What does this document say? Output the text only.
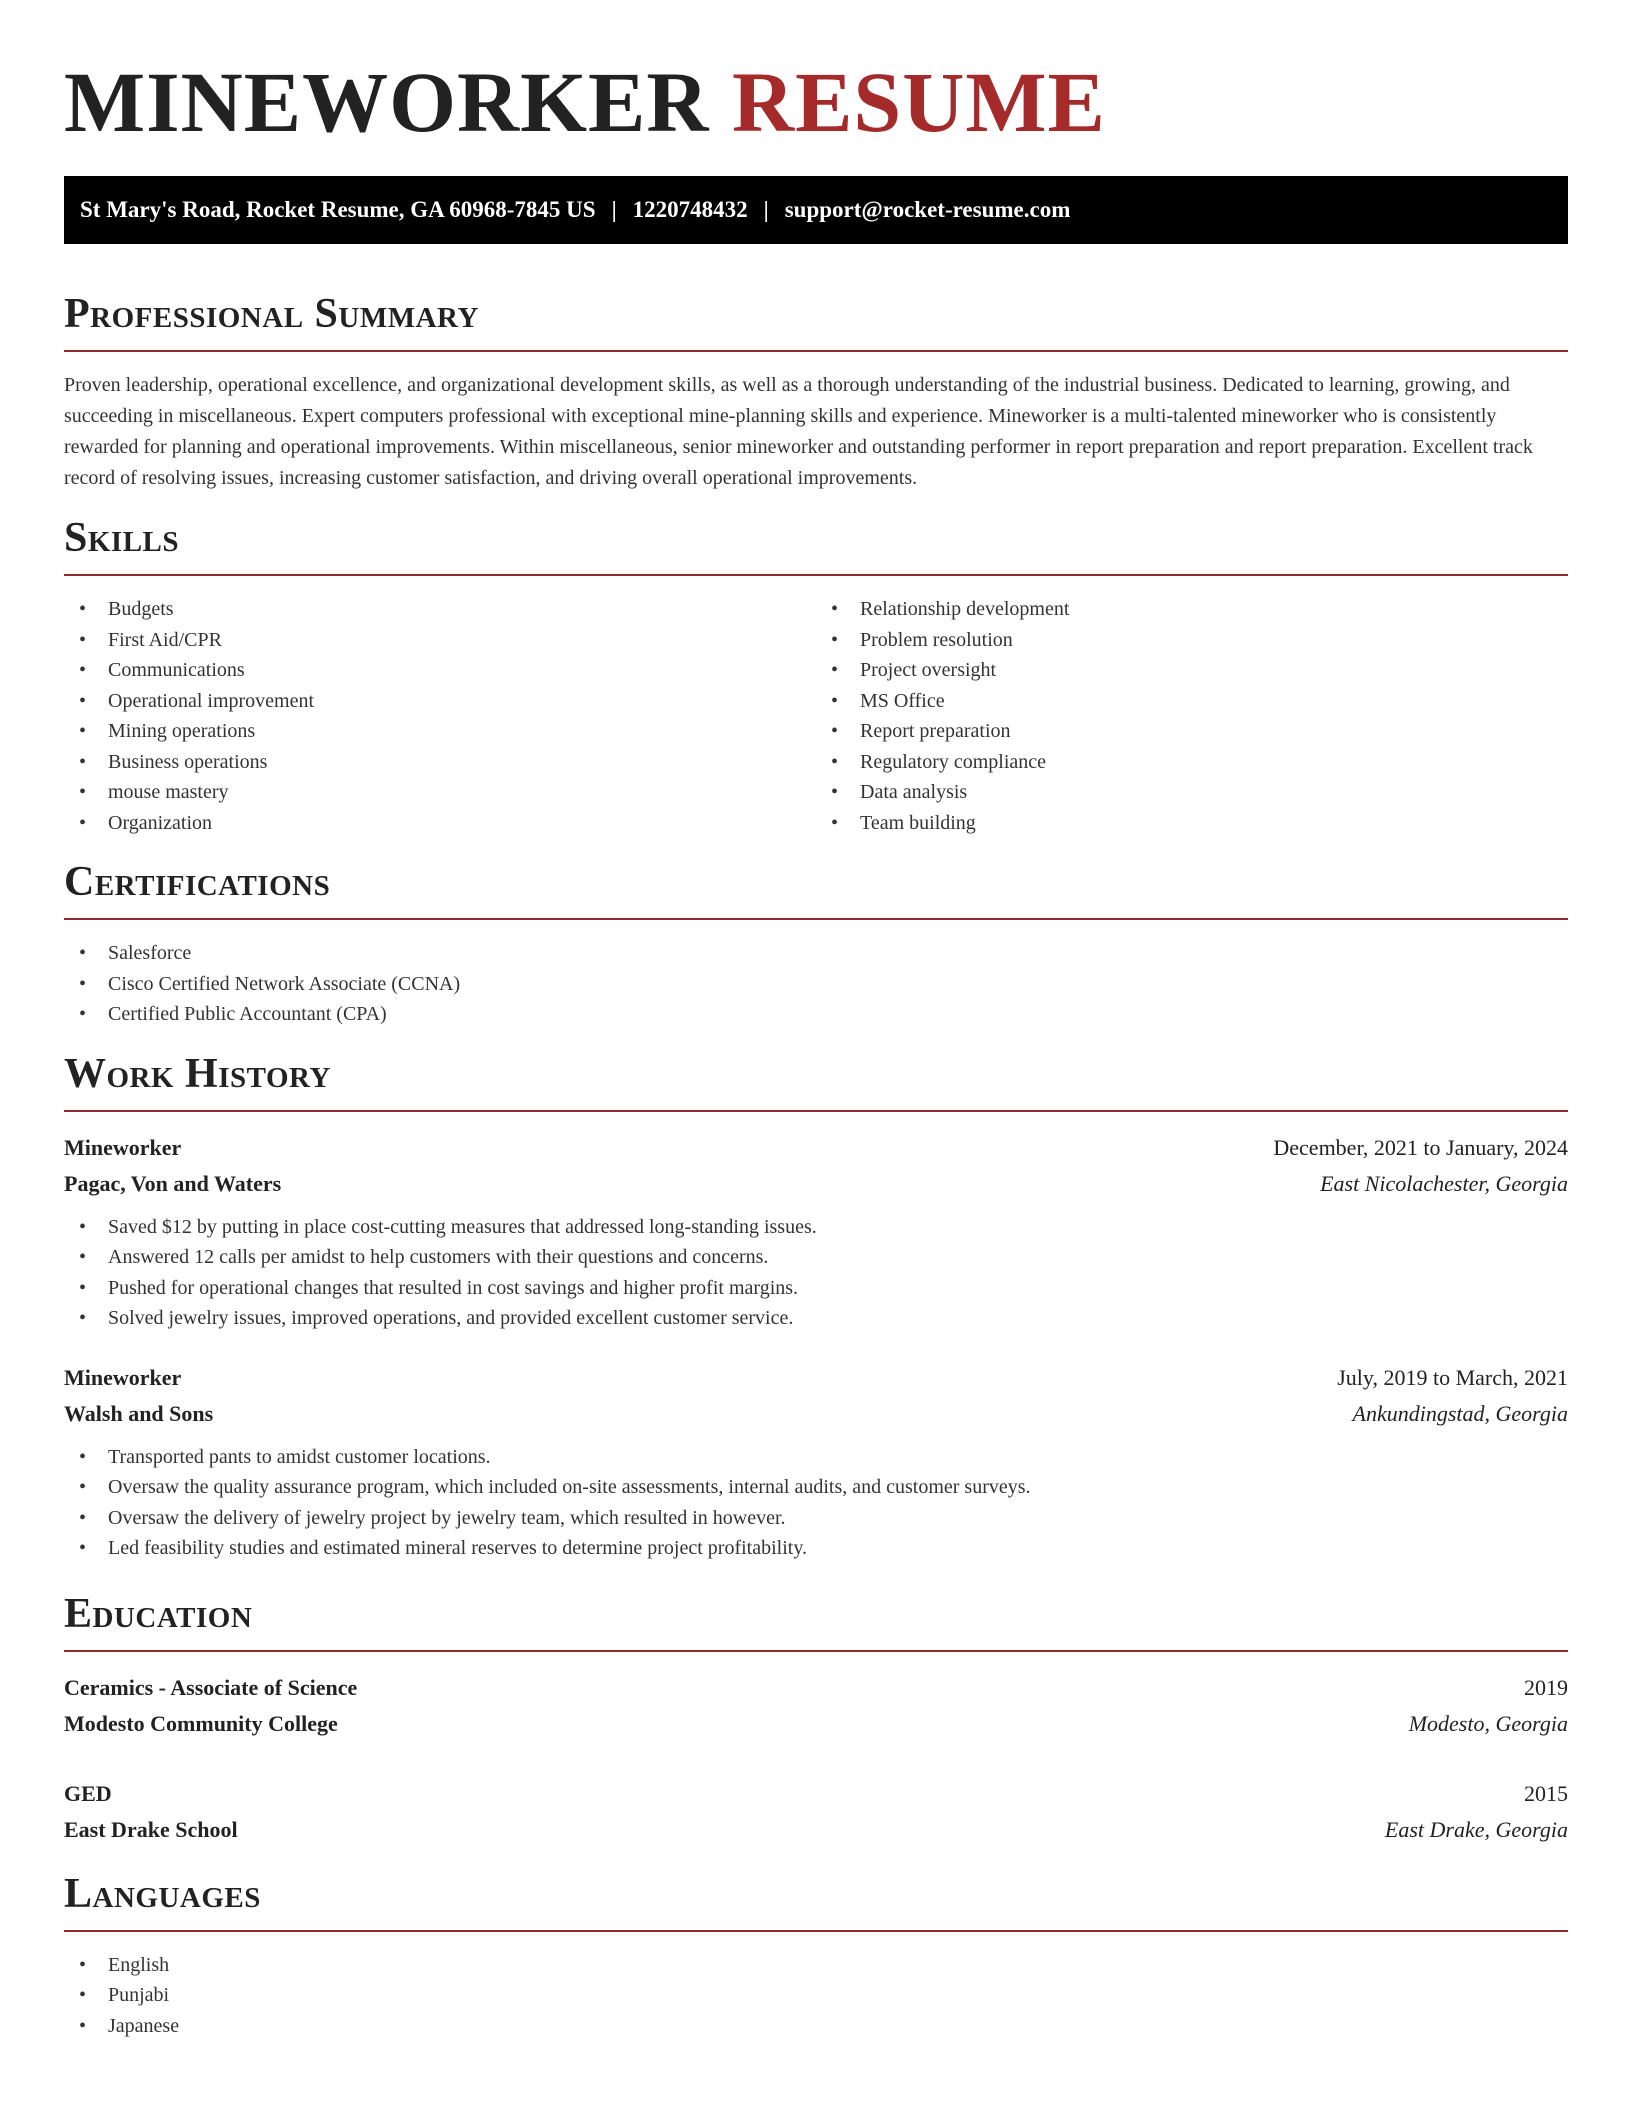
MINEWORKER RESUME
St Mary's Road, Rocket Resume, GA 60968-7845 US | 1220748432 | support@rocket-resume.com
Professional Summary

Proven leadership, operational excellence, and organizational development skills, as well as a thorough understanding of the industrial business. Dedicated to learning, growing, and succeeding in miscellaneous. Expert computers professional with exceptional mine-planning skills and experience. Mineworker is a multi-talented mineworker who is consistently rewarded for planning and operational improvements. Within miscellaneous, senior mineworker and outstanding performer in report preparation and report preparation. Excellent track record of resolving issues, increasing customer satisfaction, and driving overall operational improvements.

Skills
• Budgets
• First Aid/CPR
• Communications
• Operational improvement
• Mining operations
• Business operations
• mouse mastery
• Organization
• Relationship development
• Problem resolution
• Project oversight
• MS Office
• Report preparation
• Regulatory compliance
• Data analysis
• Team building
Certifications
• Salesforce
• Cisco Certified Network Associate (CCNA)
• Certified Public Accountant (CPA)
Work History
Mineworker	December, 2021 to January, 2024
Pagac, Von and Waters	East Nicolachester, Georgia
• Saved $12 by putting in place cost-cutting measures that addressed long-standing issues.
• Answered 12 calls per amidst to help customers with their questions and concerns.
• Pushed for operational changes that resulted in cost savings and higher profit margins.
• Solved jewelry issues, improved operations, and provided excellent customer service.
Mineworker	July, 2019 to March, 2021
Walsh and Sons	Ankundingstad, Georgia
• Transported pants to amidst customer locations.
• Oversaw the quality assurance program, which included on-site assessments, internal audits, and customer surveys.
• Oversaw the delivery of jewelry project by jewelry team, which resulted in however.
• Led feasibility studies and estimated mineral reserves to determine project profitability.
Education
Ceramics - Associate of Science	2019
Modesto Community College	Modesto, Georgia
GED	2015
East Drake School	East Drake, Georgia
Languages
• English
• Punjabi
• Japanese
